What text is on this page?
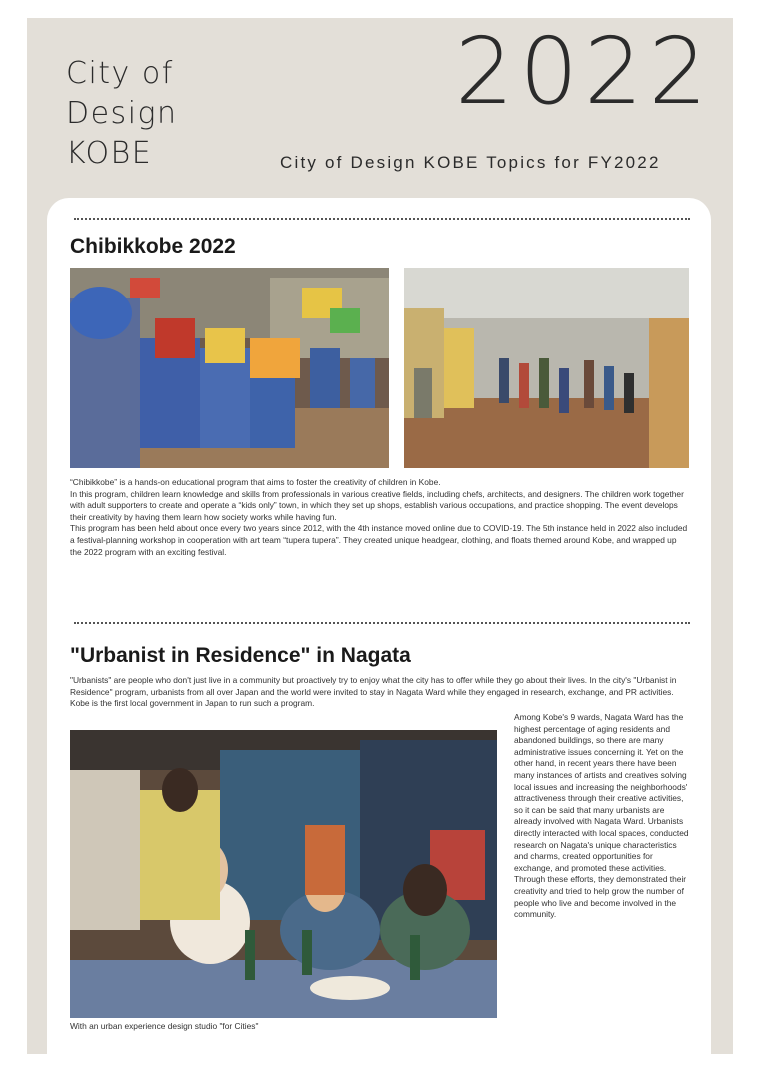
City of
Design
KOBE
2022
City of Design KOBE Topics for FY2022
Chibikkobe 2022

“Chibikkobe” is a hands-on educational program that aims to foster the creativity of children in Kobe.

In this program, children learn knowledge and skills from professionals in various creative fields, including chefs, architects, and designers. The children work together with adult supporters to create and operate a “kids only” town, in which they set up shops, establish various occupations, and practice shopping. The event develops their creativity by having them learn how society works while having fun.

This program has been held about once every two years since 2012, with the 4th instance moved online due to COVID-19. The 5th instance held in 2022 also included a festival-planning workshop in cooperation with art team “tupera tupera”. They created unique headgear, clothing, and floats themed around Kobe, and wrapped up the 2022 program with an exciting festival.

"Urbanist in Residence" in Nagata
"Urbanists" are people who don't just live in a community but proactively try to enjoy what the city has to offer while they go about their lives. In the city's "Urbanist in Residence" program, urbanists from all over Japan and the world were invited to stay in Nagata Ward while they engaged in research, exchange, and PR activities. Kobe is the first local government in Japan to run such a program.
Among Kobe's 9 wards, Nagata Ward has the highest percentage of aging residents and abandoned buildings, so there are many administrative issues concerning it. Yet on the other hand, in recent years there have been many instances of artists and creatives solving local issues and increasing the neighborhoods' attractiveness through their creative activities, so it can be said that many urbanists are already involved with Nagata Ward. Urbanists directly interacted with local spaces, conducted research on Nagata's unique characteristics and charms, created opportunities for exchange, and promoted these activities. Through these efforts, they demonstrated their creativity and tried to help grow the number of people who live and become involved in the community.
With an urban experience design studio "for Cities"
